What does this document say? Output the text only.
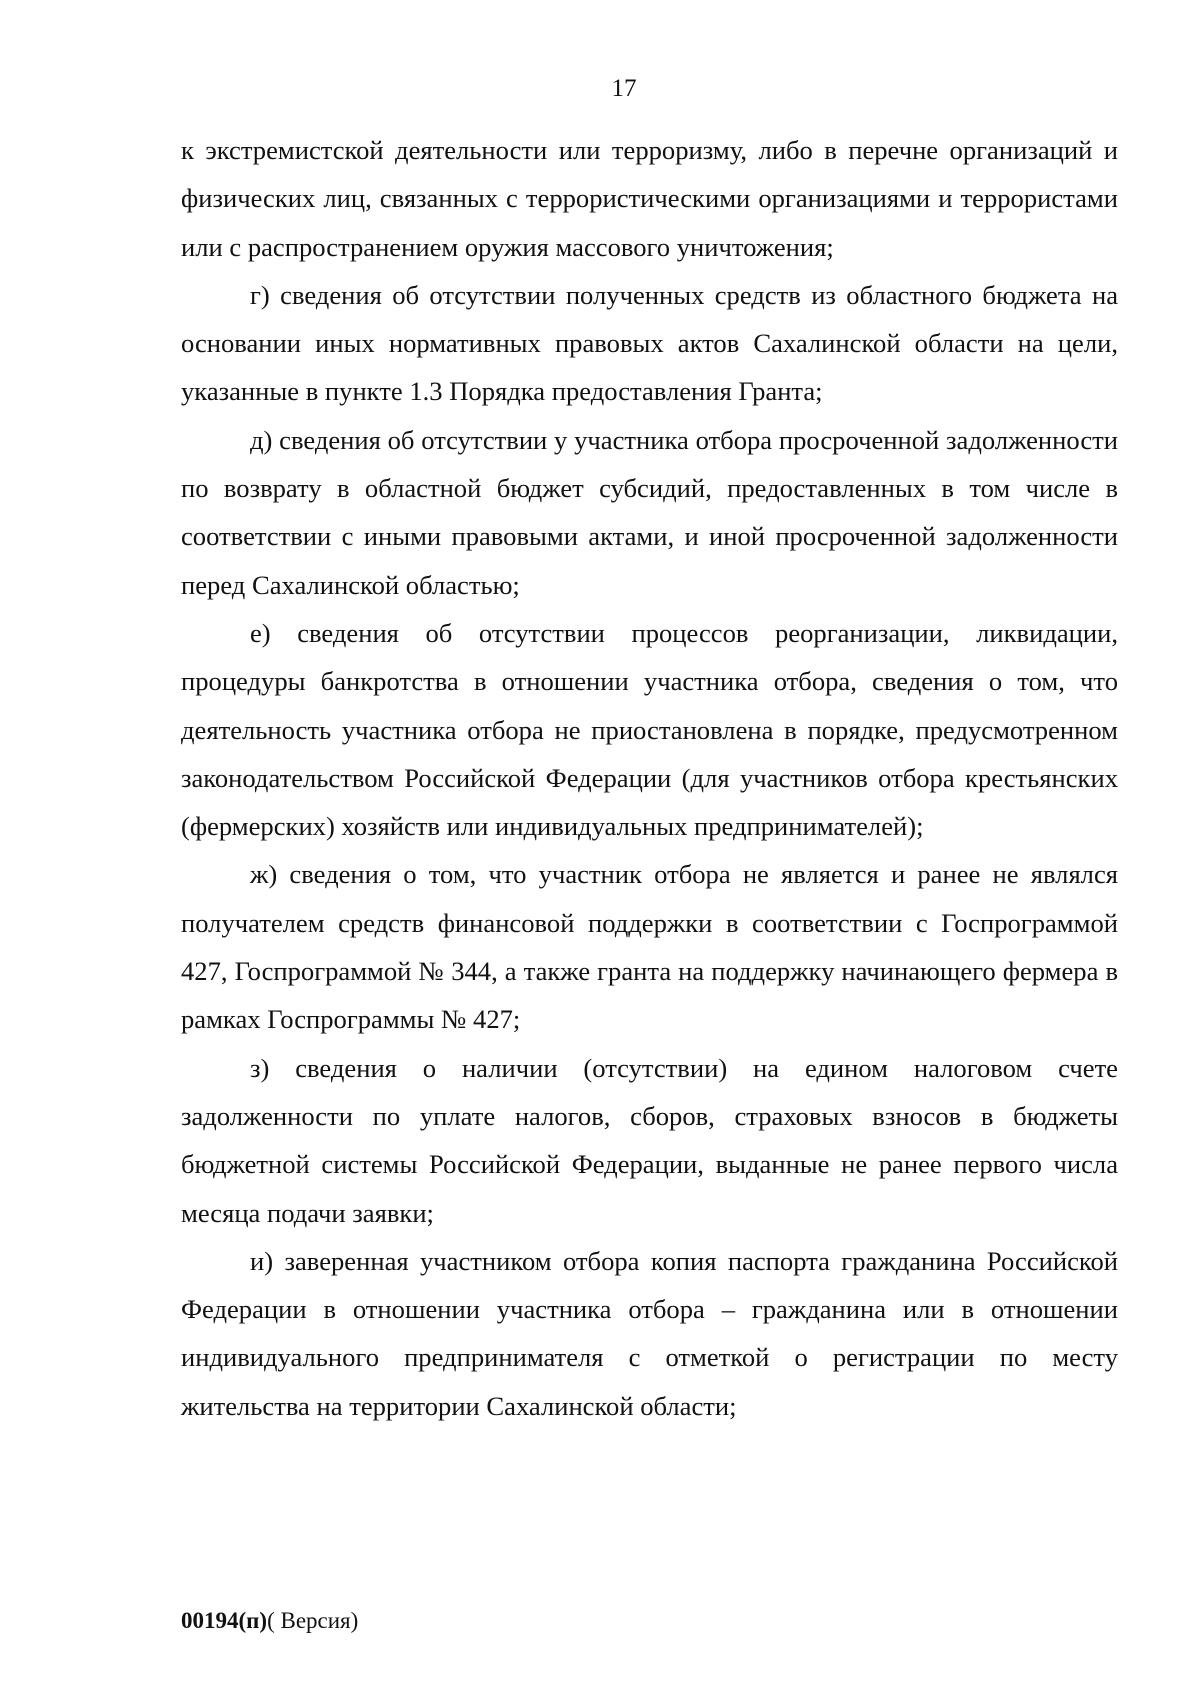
17

к экстремистской деятельности или терроризму, либо в перечне организаций и физических лиц, связанных с террористическими организациями и террористами или с распространением оружия массового уничтожения;

г) сведения об отсутствии полученных средств из областного бюджета на основании иных нормативных правовых актов Сахалинской области на цели, указанные в пункте 1.3 Порядка предоставления Гранта;

д) сведения об отсутствии у участника отбора просроченной задолженности по возврату в областной бюджет субсидий, предоставленных в том числе в соответствии с иными правовыми актами, и иной просроченной задолженности перед Сахалинской областью;

е) сведения об отсутствии процессов реорганизации, ликвидации, процедуры банкротства в отношении участника отбора, сведения о том, что деятельность участника отбора не приостановлена в порядке, предусмотренном законодательством Российской Федерации (для участников отбора крестьянских (фермерских) хозяйств или индивидуальных предпринимателей);

ж) сведения о том, что участник отбора не является и ранее не являлся получателем средств финансовой поддержки в соответствии с Госпрограммой 427, Госпрограммой № 344, а также гранта на поддержку начинающего фермера в рамках Госпрограммы № 427;

з) сведения о наличии (отсутствии) на едином налоговом счете задолженности по уплате налогов, сборов, страховых взносов в бюджеты бюджетной системы Российской Федерации, выданные не ранее первого числа месяца подачи заявки;

и) заверенная участником отбора копия паспорта гражданина Российской Федерации в отношении участника отбора – гражданина или в отношении индивидуального предпринимателя с отметкой о регистрации по месту жительства на территории Сахалинской области;

00194(п)( Версия)
